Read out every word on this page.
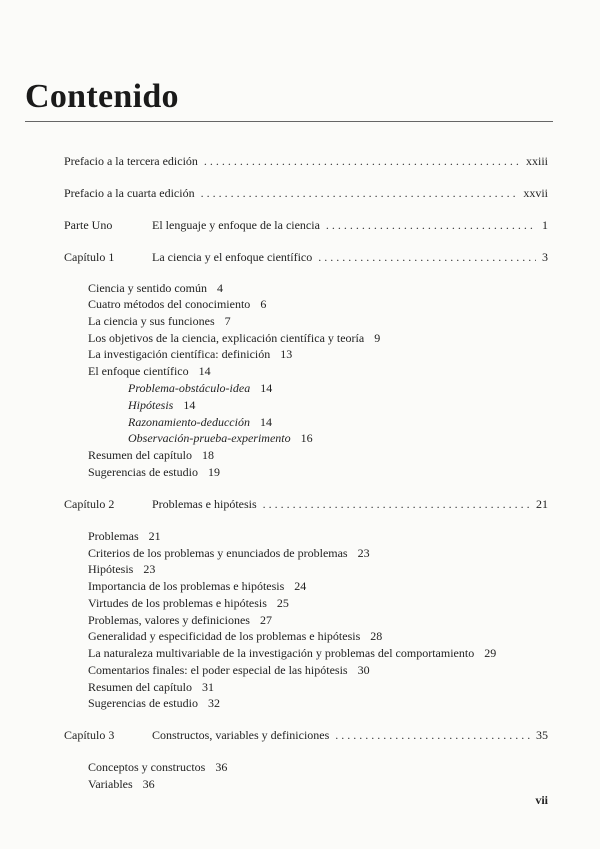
Contenido
Prefacio a la tercera edición . . .	xxiii
Prefacio a la cuarta edición . . .	xxvii
Parte Uno	El lenguaje y enfoque de la ciencia . . .	1
Capítulo 1	La ciencia y el enfoque científico . . .	3
Ciencia y sentido común 4
Cuatro métodos del conocimiento 6
La ciencia y sus funciones 7
Los objetivos de la ciencia, explicación científica y teoría 9
La investigación científica: definición 13
El enfoque científico 14
Problema-obstáculo-idea 14
Hipótesis 14
Razonamiento-deducción 14
Observación-prueba-experimento 16
Resumen del capítulo 18
Sugerencias de estudio 19
Capítulo 2	Problemas e hipótesis . . .	21
Problemas 21
Criterios de los problemas y enunciados de problemas 23
Hipótesis 23
Importancia de los problemas e hipótesis 24
Virtudes de los problemas e hipótesis 25
Problemas, valores y definiciones 27
Generalidad y especificidad de los problemas e hipótesis 28
La naturaleza multivariable de la investigación y problemas del comportamiento 29
Comentarios finales: el poder especial de las hipótesis 30
Resumen del capítulo 31
Sugerencias de estudio 32
Capítulo 3	Constructos, variables y definiciones . . .	35
Conceptos y constructos 36
Variables 36
vii
